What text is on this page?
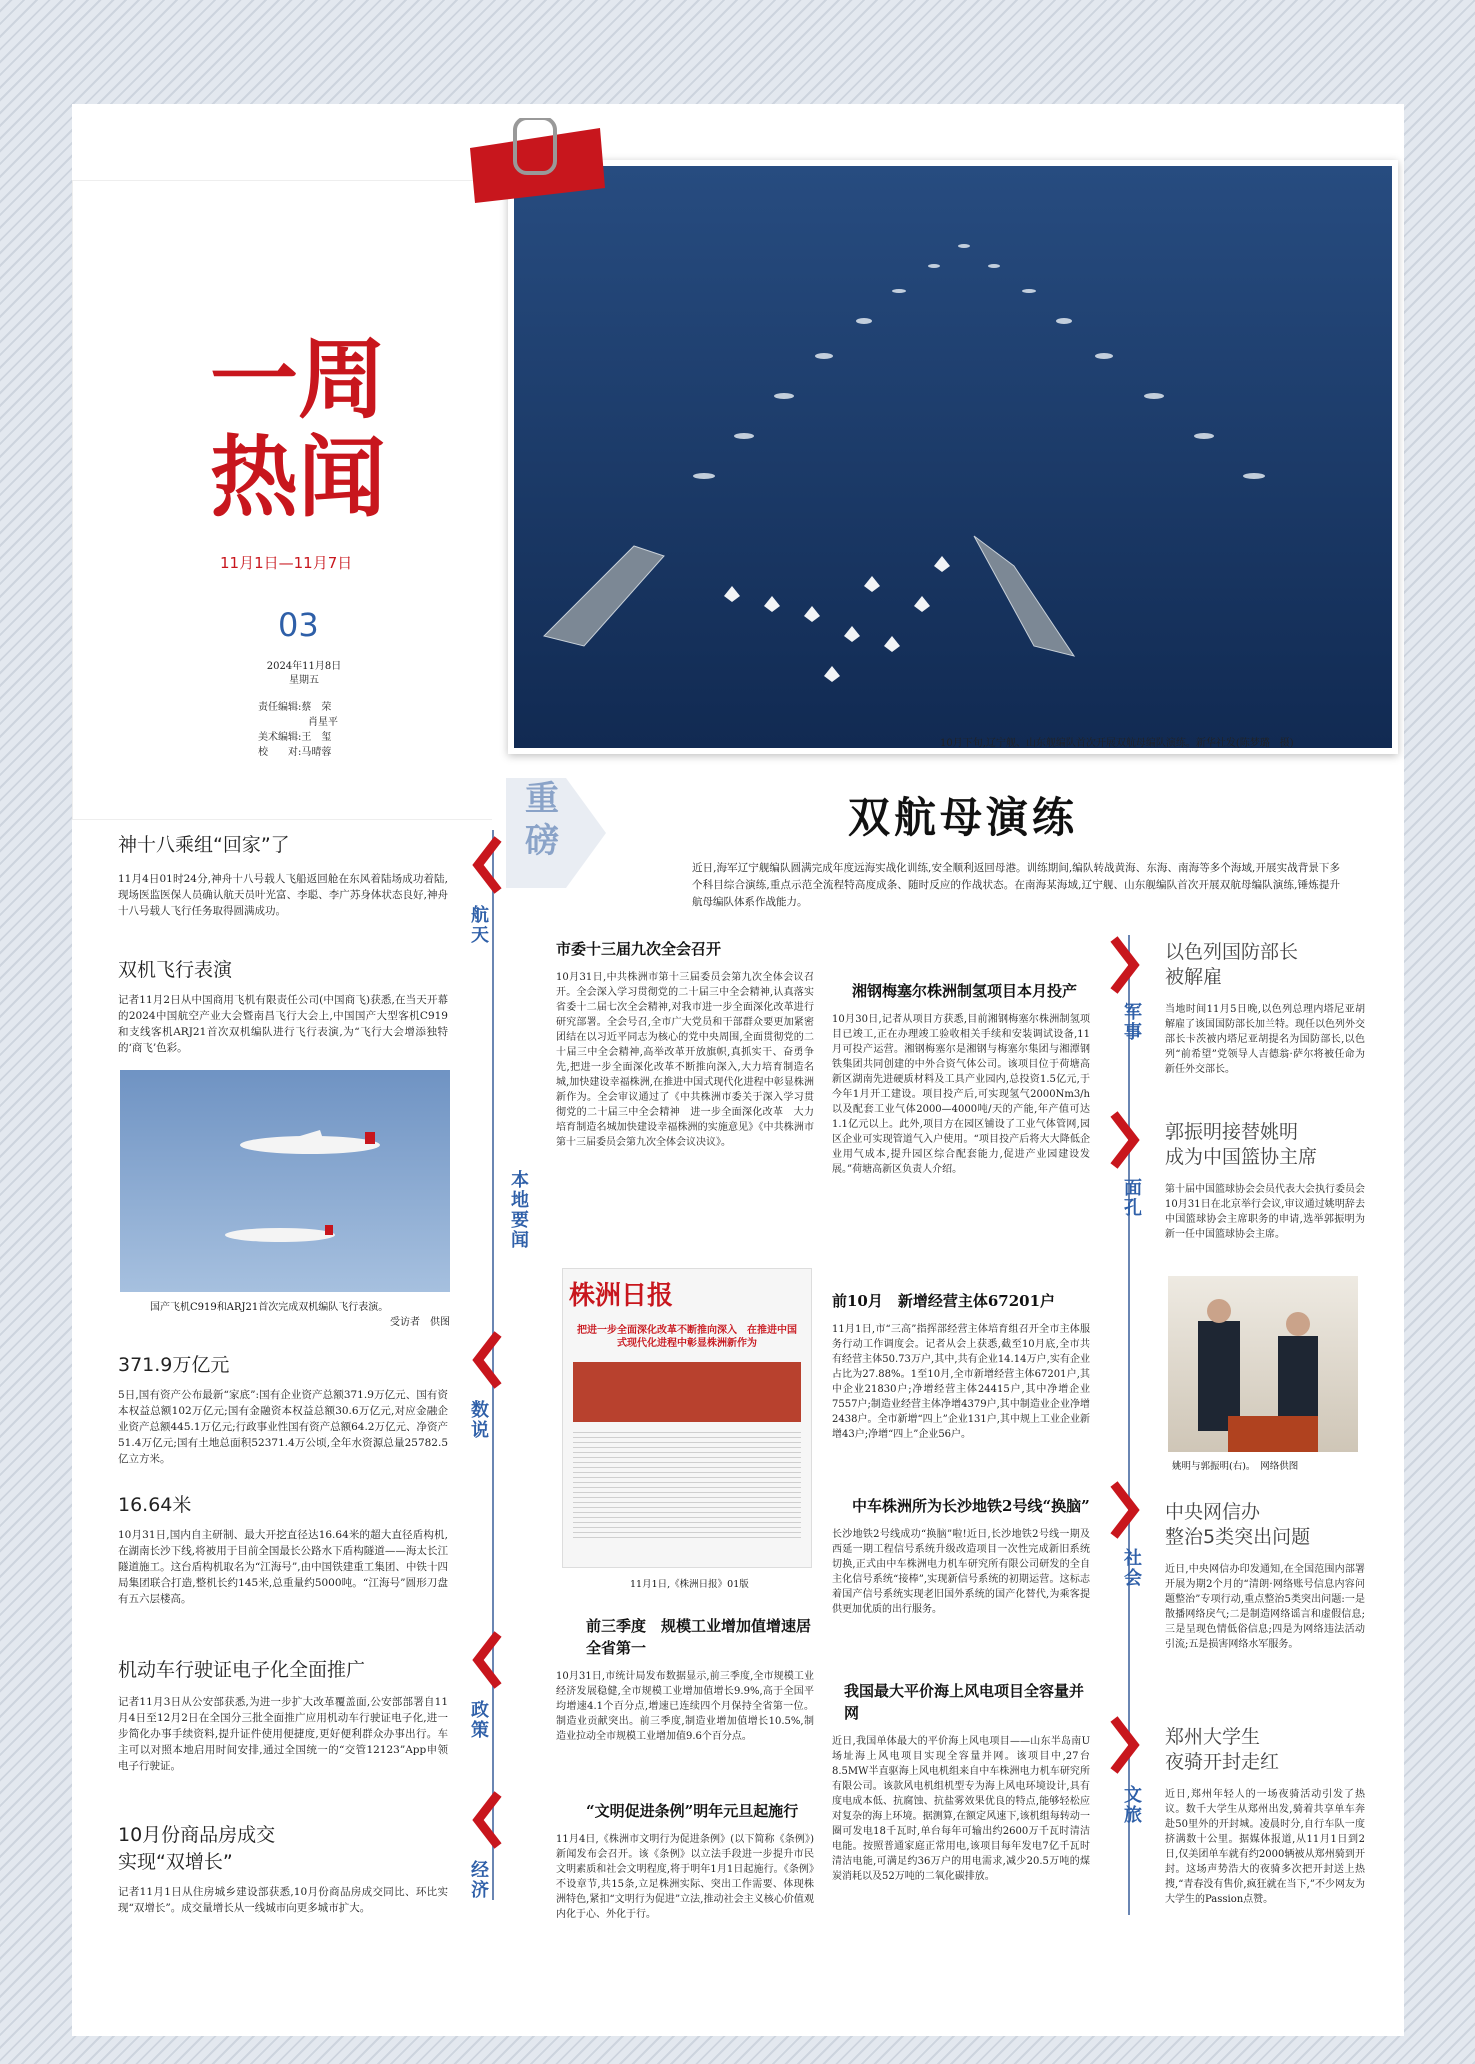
一周热闻
11月1日—11月7日
03
2024年11月8日
星期五
责任编辑:蔡　荣
肖星平
美术编辑:王　玺
校　　对:马晴蓉
10月下旬,辽宁舰、山东舰编队首次开展双航母编队演练。新华社发(陈梦璐　摄)
重磅	双航母演练
近日,海军辽宁舰编队圆满完成年度远海实战化训练,安全顺利返回母港。训练期间,编队转战黄海、东海、南海等多个海域,开展实战背景下多个科目综合演练,重点示范全流程特高度成条、随时反应的作战状态。在南海某海域,辽宁舰、山东舰编队首次开展双航母编队演练,锤炼提升航母编队体系作战能力。
神十八乘组“回家”了
11月4日01时24分,神舟十八号载人飞船返回舱在东风着陆场成功着陆,现场医监医保人员确认航天员叶光富、李聪、李广苏身体状态良好,神舟十八号载人飞行任务取得圆满成功。	航天
双机飞行表演
记者11月2日从中国商用飞机有限责任公司(中国商飞)获悉,在当天开幕的2024中国航空产业大会暨南昌飞行大会上,中国国产大型客机C919和支线客机ARJ21首次双机编队进行飞行表演,为“飞行大会增添独特的‘商飞’色彩。
国产飞机C919和ARJ21首次完成双机编队飞行表演。
受访者　供图
数说
371.9万亿元
5日,国有资产公布最新“家底”:国有企业资产总额371.9万亿元、国有资本权益总额102万亿元;国有金融资本权益总额30.6万亿元,对应金融企业资产总额445.1万亿元;行政事业性国有资产总额64.2万亿元、净资产51.4万亿元;国有土地总面积52371.4万公顷,全年水资源总量25782.5亿立方米。
16.64米
10月31日,国内自主研制、最大开挖直径达16.64米的超大直径盾构机,在湖南长沙下线,将被用于目前全国最长公路水下盾构隧道——海太长江隧道施工。这台盾构机取名为“江海号”,由中国铁建重工集团、中铁十四局集团联合打造,整机长约145米,总重量约5000吨。“江海号”圆形刀盘有五六层楼高。
政策
机动车行驶证电子化全面推广
记者11月3日从公安部获悉,为进一步扩大改革覆盖面,公安部部署自11月4日至12月2日在全国分三批全面推广应用机动车行驶证电子化,进一步简化办事手续资料,提升证件使用便捷度,更好便利群众办事出行。车主可以对照本地启用时间安排,通过全国统一的“交管12123”App申领电子行驶证。
经济
10月份商品房成交
实现“双增长”
记者11月1日从住房城乡建设部获悉,10月份商品房成交同比、环比实现“双增长”。成交量增长从一线城市向更多城市扩大。
本地要闻
市委十三届九次全会召开
10月31日,中共株洲市第十三届委员会第九次全体会议召开。全会深入学习贯彻党的二十届三中全会精神,认真落实省委十二届七次全会精神,对我市进一步全面深化改革进行研究部署。全会号召,全市广大党员和干部群众要更加紧密团结在以习近平同志为核心的党中央周围,全面贯彻党的二十届三中全会精神,高举改革开放旗帜,真抓实干、奋勇争先,把进一步全面深化改革不断推向深入,大力培育制造名城,加快建设幸福株洲,在推进中国式现代化进程中彰显株洲新作为。全会审议通过了《中共株洲市委关于深入学习贯彻党的二十届三中全会精神　进一步全面深化改革　大力培育制造名城加快建设幸福株洲的实施意见》《中共株洲市第十三届委员会第九次全体会议决议》。
株洲日报
把进一步全面深化改革不断推向深入　在推进中国式现代化进程中彰显株洲新作为
11月1日,《株洲日报》01版
前三季度　规模工业增加值增速居全省第一
10月31日,市统计局发布数据显示,前三季度,全市规模工业经济发展稳健,全市规模工业增加值增长9.9%,高于全国平均增速4.1个百分点,增速已连续四个月保持全省第一位。制造业贡献突出。前三季度,制造业增加值增长10.5%,制造业拉动全市规模工业增加值9.6个百分点。
“文明促进条例”明年元旦起施行
11月4日,《株洲市文明行为促进条例》(以下简称《条例》)新闻发布会召开。该《条例》以立法手段进一步提升市民文明素质和社会文明程度,将于明年1月1日起施行。《条例》不设章节,共15条,立足株洲实际、突出工作需要、体现株洲特色,紧扣“文明行为促进”立法,推动社会主义核心价值观内化于心、外化于行。
湘钢梅塞尔株洲制氢项目本月投产
10月30日,记者从项目方获悉,目前湘钢梅塞尔株洲制氢项目已竣工,正在办理竣工验收相关手续和安装调试设备,11月可投产运营。湘钢梅塞尔是湘钢与梅塞尔集团与湘潭钢铁集团共同创建的中外合资气体公司。该项目位于荷塘高新区湖南先进硬质材料及工具产业园内,总投资1.5亿元,于今年1月开工建设。项目投产后,可实现氢气2000Nm3/h以及配套工业气体2000—4000吨/天的产能,年产值可达1.1亿元以上。此外,项目方在园区铺设了工业气体管网,园区企业可实现管道气入户使用。“项目投产后将大大降低企业用气成本,提升园区综合配套能力,促进产业园建设发展。”荷塘高新区负责人介绍。
前10月　新增经营主体67201户
11月1日,市“三高”指挥部经营主体培育组召开全市主体服务行动工作调度会。记者从会上获悉,截至10月底,全市共有经营主体50.73万户,其中,共有企业14.14万户,实有企业占比为27.88%。1至10月,全市新增经营主体67201户,其中企业21830户;净增经营主体24415户,其中净增企业7557户;制造业经营主体净增4379户,其中制造业企业净增2438户。全市新增“四上”企业131户,其中规上工业企业新增43户;净增“四上”企业56户。
中车株洲所为长沙地铁2号线“换脑”
长沙地铁2号线成功“换脑”啦!近日,长沙地铁2号线一期及西延一期工程信号系统升级改造项目一次性完成新旧系统切换,正式由中车株洲电力机车研究所有限公司研发的全自主化信号系统“接棒”,实现新信号系统的初期运营。这标志着国产信号系统实现老旧国外系统的国产化替代,为乘客提供更加优质的出行服务。
我国最大平价海上风电项目全容量并网
近日,我国单体最大的平价海上风电项目——山东半岛南U场址海上风电项目实现全容量并网。该项目中,27台8.5MW半直驱海上风电机组来自中车株洲电力机车研究所有限公司。该款风电机组机型专为海上风电环境设计,具有度电成本低、抗腐蚀、抗盐雾效果优良的特点,能够轻松应对复杂的海上环境。据测算,在额定风速下,该机组每转动一圈可发电18千瓦时,单台每年可输出约2600万千瓦时清洁电能。按照普通家庭正常用电,该项目每年发电7亿千瓦时清洁电能,可满足约36万户的用电需求,减少20.5万吨的煤炭消耗以及52万吨的二氧化碳排放。
军事
以色列国防部长
被解雇
当地时间11月5日晚,以色列总理内塔尼亚胡解雇了该国国防部长加兰特。现任以色列外交部长卡茨被内塔尼亚胡提名为国防部长,以色列“前希望”党领导人吉德翁·萨尔将被任命为新任外交部长。
面孔
郭振明接替姚明
成为中国篮协主席
第十届中国篮球协会会员代表大会执行委员会10月31日在北京举行会议,审议通过姚明辞去中国篮球协会主席职务的申请,选举郭振明为新一任中国篮球协会主席。
姚明与郭振明(右)。　 网络供图
社会
中央网信办
整治5类突出问题
近日,中央网信办印发通知,在全国范围内部署开展为期2个月的“清朗·网络账号信息内容问题整治”专项行动,重点整治5类突出问题:一是散播网络戾气;二是制造网络谣言和虚假信息;三是呈现色情低俗信息;四是为网络违法活动引流;五是损害网络水军服务。
文旅
郑州大学生
夜骑开封走红
近日,郑州年轻人的一场夜骑活动引发了热议。数千大学生从郑州出发,骑着共享单车奔赴50里外的开封城。凌晨时分,自行车队一度挤满数十公里。据媒体报道,从11月1日到2日,仅美团单车就有约2000辆被从郑州骑到开封。这场声势浩大的夜骑多次把开封送上热搜,“青春没有售价,疯狂就在当下,”不少网友为大学生的Passion点赞。
